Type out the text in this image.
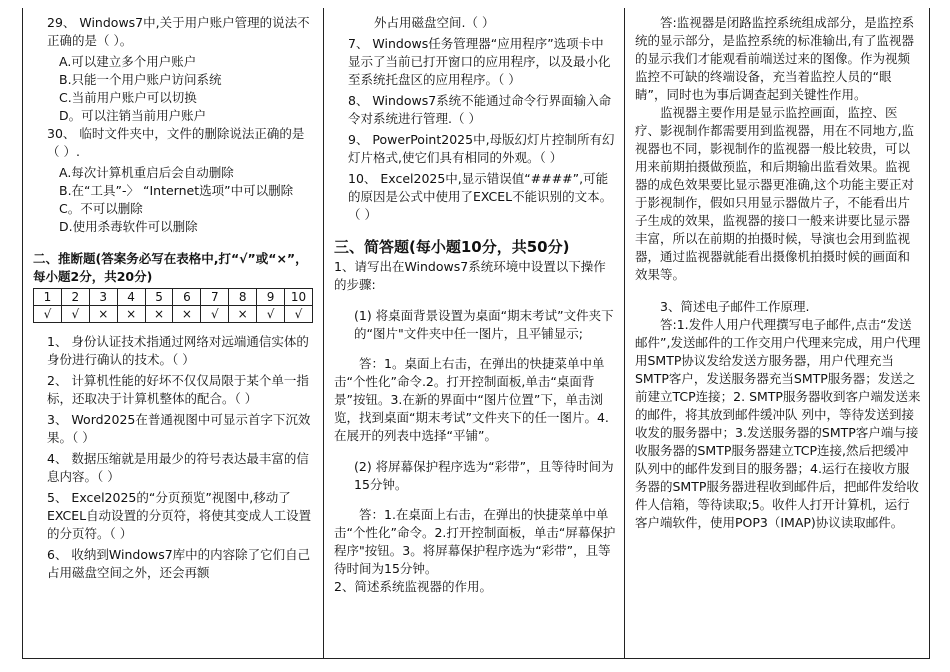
29、 Windows7中,关于用户账户管理的说法不正确的是（ ）。

A.可以建立多个用户账户
B.只能一个用户账户访问系统
C.当前用户账户可以切换
D。可以注销当前用户账户

30、 临时文件夹中，文件的删除说法正确的是（ ）.

A.每次计算机重启后会自动删除
B.在“工具”-〉 “Internet选项”中可以删除
C。不可以删除
D.使用杀毒软件可以删除
二、推断题(答案务必写在表格中,打“√”或“×”，每小题2分，共20分)
1	2	3	4	5	6	7	8	9	10
√	√	×	×	×	×	√	×	√	√

1、 身份认证技术指通过网络对远端通信实体的身份进行确认的技术。（ ）

2、 计算机性能的好坏不仅仅局限于某个单一指标，还取决于计算机整体的配合。（ ）

3、 Word2025在普通视图中可显示首字下沉效果。（ ）

4、 数据压缩就是用最少的符号表达最丰富的信息内容。（ ）

5、 Excel2025的“分页预览”视图中,移动了EXCEL自动设置的分页符，将使其变成人工设置的分页符。（ ）

6、 收纳到Windows7库中的内容除了它们自己占用磁盘空间之外，还会再额

外占用磁盘空间.（ ）

7、 Windows任务管理器“应用程序”选项卡中显示了当前已打开窗口的应用程序，以及最小化至系统托盘区的应用程序。（ ）

8、 Windows7系统不能通过命令行界面输入命令对系统进行管理.（ ）

9、 PowerPoint2025中,母版幻灯片控制所有幻灯片格式,使它们具有相同的外观。（ ）

10、 Excel2025中,显示错误值“####”,可能的原因是公式中使用了EXCEL不能识别的文本。（ ）

三、简答题(每小题10分，共50分)

1、请写出在Windows7系统环境中设置以下操作的步骤:

(1) 将桌面背景设置为桌面“期末考试”文件夹下的“图片"文件夹中任一图片，且平铺显示;

答：1。桌面上右击，在弹出的快捷菜单中单击“个性化”命令.2。打开控制面板,单击“桌面背景”按钮。3.在新的界面中“图片位置”下，单击浏览，找到桌面“期末考试”文件夹下的任一图片。4.在展开的列表中选择“平铺”。

(2) 将屏幕保护程序选为“彩带”，且等待时间为15分钟。

答：1.在桌面上右击，在弹出的快捷菜单中单击“个性化”命令。2.打开控制面板，单击“屏幕保护程序"按钮。3。将屏幕保护程序选为“彩带”，且等待时间为15分钟。

2、简述系统监视器的作用。

答:监视器是闭路监控系统组成部分，是监控系统的显示部分，是监控系统的标准输出,有了监视器的显示我们才能观看前端送过来的图像。作为视频监控不可缺的终端设备，充当着监控人员的“眼睛”，同时也为事后调查起到关键性作用。

监视器主要作用是显示监控画面，监控、医疗、影视制作都需要用到监视器，用在不同地方,监视器也不同，影视制作的监视器一般比较贵，可以用来前期拍摄做预监，和后期输出监看效果。监视器的成色效果要比显示器更准确,这个功能主要正对于影视制作，假如只用显示器做片子，不能看出片子生成的效果，监视器的接口一般来讲要比显示器丰富，所以在前期的拍摄时候，导演也会用到监视器，通过监视器就能看出摄像机拍摄时候的画面和效果等。

3、简述电子邮件工作原理.

答:1.发件人用户代理撰写电子邮件,点击“发送邮件”,发送邮件的工作交用户代理来完成，用户代理用SMTP协议发给发送方服务器，用户代理充当SMTP客户，发送服务器充当SMTP服务器；发送之前建立TCP连接；2. SMTP服务器收到客户端发送来的邮件，将其放到邮件缓冲队 列中，等待发送到接收发的服务器中；3.发送服务器的SMTP客户端与接收服务器的SMTP服务器建立TCP连接,然后把缓冲队列中的邮件发到目的服务器；4.运行在接收方服务器的SMTP服务器进程收到邮件后，把邮件发给收件人信箱，等待读取;5。收件人打开计算机，运行客户端软件，使用POP3（IMAP)协议读取邮件。
